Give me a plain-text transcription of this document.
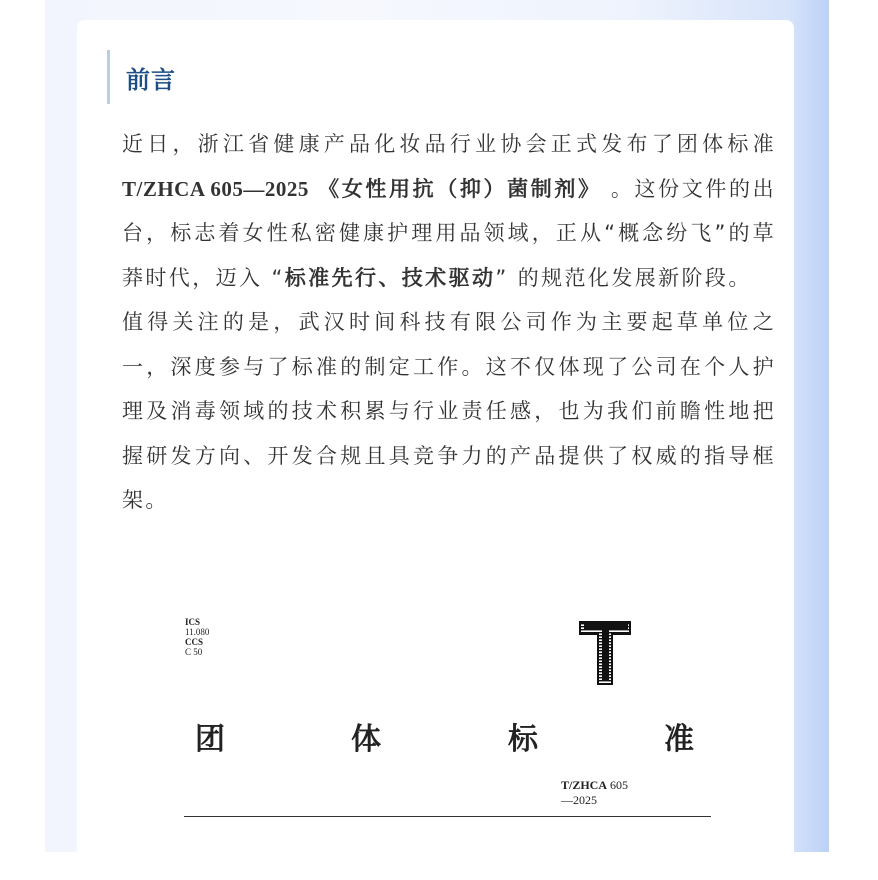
前言

近日，浙江省健康产品化妆品行业协会正式发布了团体标准 T/ZHCA 605—2025 《女性用抗（抑）菌制剂》 。这份文件的出台，标志着女性私密健康护理用品领域，正从“概念纷飞”的草莽时代，迈入 “标准先行、技术驱动” 的规范化发展新阶段。

值得关注的是，武汉时间科技有限公司作为主要起草单位之一，深度参与了标准的制定工作。这不仅体现了公司在个人护理及消毒领域的技术积累与行业责任感，也为我们前瞻性地把握研发方向、开发合规且具竞争力的产品提供了权威的指导框架。

ICS 11.080
CCS C 50
团	体	标	准
T/ZHCA 605—2025
